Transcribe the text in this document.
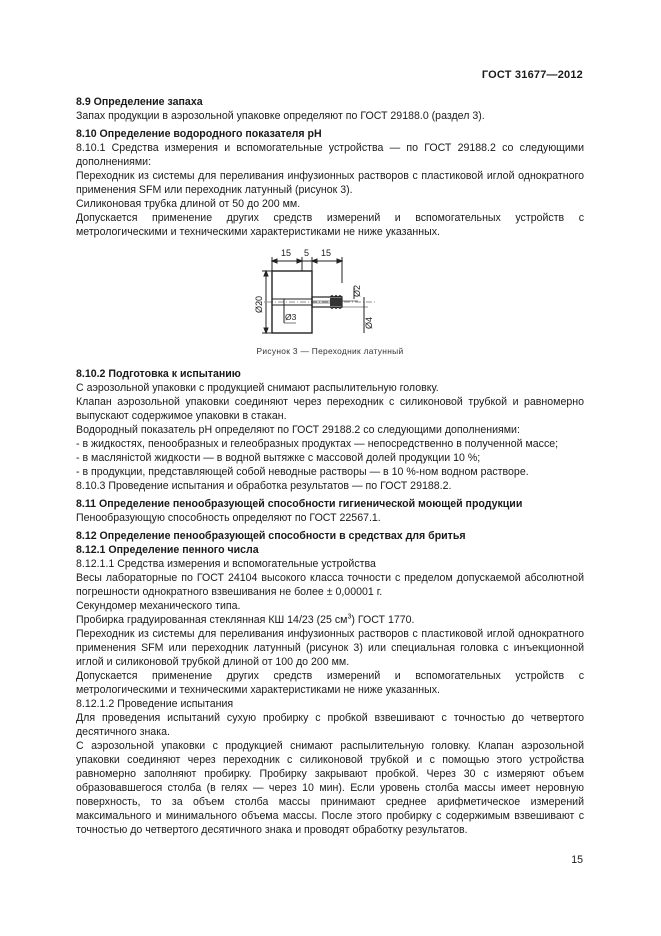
ГОСТ 31677—2012

8.9 Определение запаха

Запах продукции в аэрозольной упаковке определяют по ГОСТ 29188.0 (раздел 3).

8.10 Определение водородного показателя pH

8.10.1 Средства измерения и вспомогательные устройства — по ГОСТ 29188.2 со следующими дополнениями:

Переходник из системы для переливания инфузионных растворов с пластиковой иглой однократного применения SFM или переходник латунный (рисунок 3).

Силиконовая трубка длиной от 50 до 200 мм.

Допускается применение других средств измерений и вспомогательных устройств с метрологическими и техническими характеристиками не ниже указанных.

15 5 15
Ø20
Ø3
Ø2
Ø4

Рисунок 3 — Переходник латунный

8.10.2 Подготовка к испытанию

С аэрозольной упаковки с продукцией снимают распылительную головку.

Клапан аэрозольной упаковки соединяют через переходник с силиконовой трубкой и равномерно выпускают содержимое упаковки в стакан.

Водородный показатель pH определяют по ГОСТ 29188.2 со следующими дополнениями:

- в жидкостях, пенообразных и гелеобразных продуктах — непосредственно в полученной массе;

- в масляністой жидкости — в водной вытяжке с массовой долей продукции 10 %;

- в продукции, представляющей собой неводные растворы — в 10 %-ном водном растворе.

8.10.3 Проведение испытания и обработка результатов — по ГОСТ 29188.2.

8.11 Определение пенообразующей способности гигиенической моющей продукции

Пенообразующую способность определяют по ГОСТ 22567.1.

8.12 Определение пенообразующей способности в средствах для бритья

8.12.1 Определение пенного числа

8.12.1.1 Средства измерения и вспомогательные устройства

Весы лабораторные по ГОСТ 24104 высокого класса точности с пределом допускаемой абсолютной погрешности однократного взвешивания не более ± 0,00001 г.

Секундомер механического типа.

Пробирка градуированная стеклянная КШ 14/23 (25 $см^3$) ГОСТ 1770.

Переходник из системы для переливания инфузионных растворов с пластиковой иглой однократного применения SFM или переходник латунный (рисунок 3) или специальная головка с инъекционной иглой и силиконовой трубкой длиной от 100 до 200 мм.

Допускается применение других средств измерений и вспомогательных устройств с метрологическими и техническими характеристиками не ниже указанных.

8.12.1.2 Проведение испытания

Для проведения испытаний сухую пробирку с пробкой взвешивают с точностью до четвертого десятичного знака.

С аэрозольной упаковки с продукцией снимают распылительную головку. Клапан аэрозольной упаковки соединяют через переходник с силиконовой трубкой и с помощью этого устройства равномерно заполняют пробирку. Пробирку закрывают пробкой. Через 30 с измеряют объем образовавшегося столба (в гелях — через 10 мин). Если уровень столба массы имеет неровную поверхность, то за объем столба массы принимают среднее арифметическое измерений максимального и минимального объема массы. После этого пробирку с содержимым взвешивают с точностью до четвертого десятичного знака и проводят обработку результатов.

15
